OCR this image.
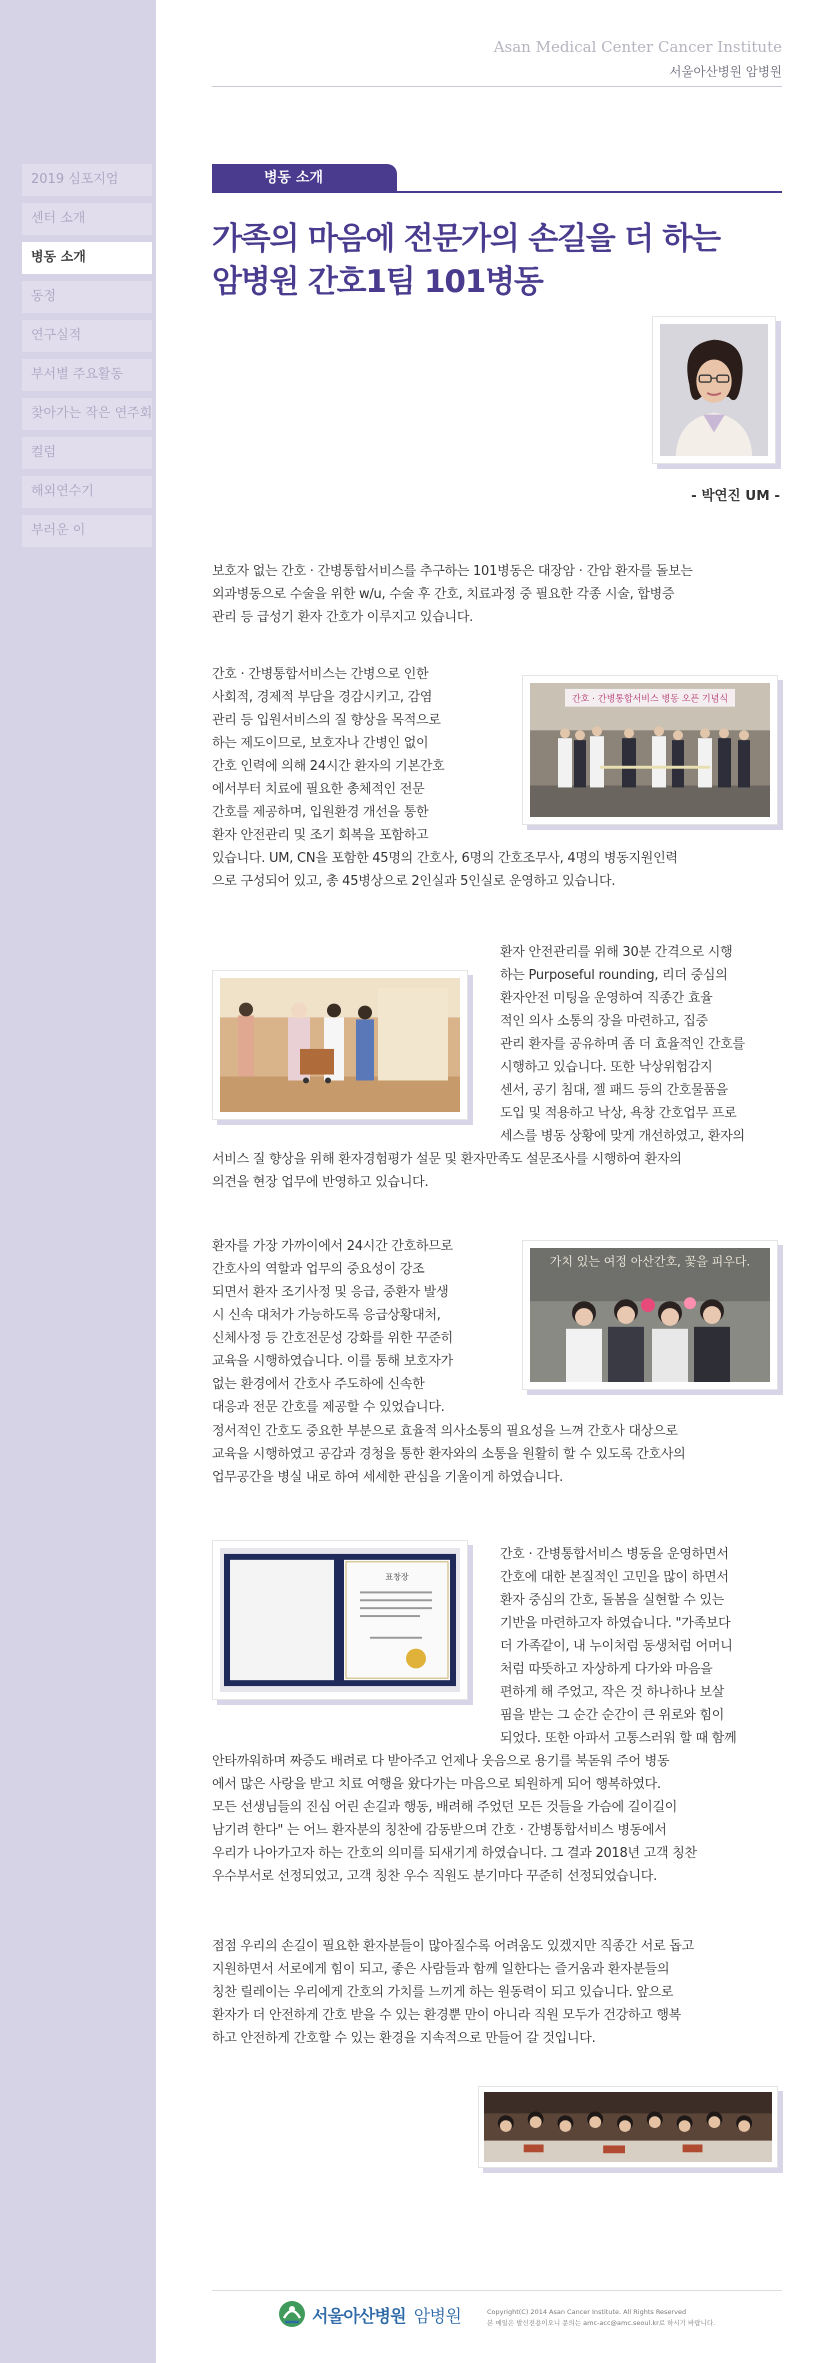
2019 심포지엄
센터 소개
병동 소개
동정
연구실적
부서별 주요활동
찾아가는 작은 연주회
컬럼
해외연수기
부러운 이
Asan Medical Center Cancer Institute
서울아산병원 암병원
병동 소개
가족의 마음에 전문가의 손길을 더 하는
암병원 간호1팀 101병동
- 박연진 UM -
보호자 없는 간호 · 간병통합서비스를 추구하는 101병동은 대장암 · 간암 환자를 돌보는
외과병동으로 수술을 위한 w/u, 수술 후 간호, 치료과정 중 필요한 각종 시술, 합병증
관리 등 급성기 환자 간호가 이루지고 있습니다.
간호 · 간병통합서비스는 간병으로 인한
사회적, 경제적 부담을 경감시키고, 감염
관리 등 입원서비스의 질 향상을 목적으로
하는 제도이므로, 보호자나 간병인 없이
간호 인력에 의해 24시간 환자의 기본간호
에서부터 치료에 필요한 총체적인 전문
간호를 제공하며, 입원환경 개선을 통한
환자 안전관리 및 조기 회복을 포함하고
간호 · 간병통합서비스 병동 오픈 기념식
있습니다. UM, CN을 포함한 45명의 간호사, 6명의 간호조무사, 4명의 병동지원인력
으로 구성되어 있고, 총 45병상으로 2인실과 5인실로 운영하고 있습니다.
환자 안전관리를 위해 30분 간격으로 시행
하는 Purposeful rounding, 리더 중심의
환자안전 미팅을 운영하여 직종간 효율
적인 의사 소통의 장을 마련하고, 집중
관리 환자를 공유하며 좀 더 효율적인 간호를
시행하고 있습니다. 또한 낙상위험감지
센서, 공기 침대, 젤 패드 등의 간호물품을
도입 및 적용하고 낙상, 욕창 간호업무 프로
세스를 병동 상황에 맞게 개선하였고, 환자의
서비스 질 향상을 위해 환자경험평가 설문 및 환자만족도 설문조사를 시행하여 환자의
의견을 현장 업무에 반영하고 있습니다.
환자를 가장 가까이에서 24시간 간호하므로
간호사의 역할과 업무의 중요성이 강조
되면서 환자 조기사정 및 응급, 중환자 발생
시 신속 대처가 가능하도록 응급상황대처,
신체사정 등 간호전문성 강화를 위한 꾸준히
교육을 시행하였습니다. 이를 통해 보호자가
없는 환경에서 간호사 주도하에 신속한
대응과 전문 간호를 제공할 수 있었습니다.
가치 있는 여정 아산간호, 꽃을 피우다.
정서적인 간호도 중요한 부분으로 효율적 의사소통의 필요성을 느껴 간호사 대상으로
교육을 시행하였고 공감과 경청을 통한 환자와의 소통을 원활히 할 수 있도록 간호사의
업무공간을 병실 내로 하여 세세한 관심을 기울이게 하였습니다.
표창장
간호 · 간병통합서비스 병동을 운영하면서
간호에 대한 본질적인 고민을 많이 하면서
환자 중심의 간호, 돌봄을 실현할 수 있는
기반을 마련하고자 하였습니다. "가족보다
더 가족같이, 내 누이처럼 동생처럼 어머니
처럼 따뜻하고 자상하게 다가와 마음을
편하게 해 주었고, 작은 것 하나하나 보살
핌을 받는 그 순간 순간이 큰 위로와 힘이
되었다. 또한 아파서 고통스러워 할 때 함께
안타까워하며 짜증도 배려로 다 받아주고 언제나 웃음으로 용기를 북돋워 주어 병동
에서 많은 사랑을 받고 치료 여행을 왔다가는 마음으로 퇴원하게 되어 행복하였다.
모든 선생님들의 진심 어린 손길과 행동, 배려해 주었던 모든 것들을 가슴에 길이길이
남기려 한다" 는 어느 환자분의 칭찬에 감동받으며 간호 · 간병통합서비스 병동에서
우리가 나아가고자 하는 간호의 의미를 되새기게 하였습니다. 그 결과 2018년 고객 칭찬
우수부서로 선정되었고, 고객 칭찬 우수 직원도 분기마다 꾸준히 선정되었습니다.
점점 우리의 손길이 필요한 환자분들이 많아질수록 어려움도 있겠지만 직종간 서로 돕고
지원하면서 서로에게 힘이 되고, 좋은 사람들과 함께 일한다는 즐거움과 환자분들의
칭찬 릴레이는 우리에게 간호의 가치를 느끼게 하는 원동력이 되고 있습니다. 앞으로
환자가 더 안전하게 간호 받을 수 있는 환경뿐 만이 아니라 직원 모두가 건강하고 행복
하고 안전하게 간호할 수 있는 환경을 지속적으로 만들어 갈 것입니다.
서울아산병원 암병원	Copyright(C) 2014 Asan Cancer Institute. All Rights Reserved
본 메일은 발신전용이오니 문의는 amc-acc@amc.seoul.kr로 하시기 바랍니다.
